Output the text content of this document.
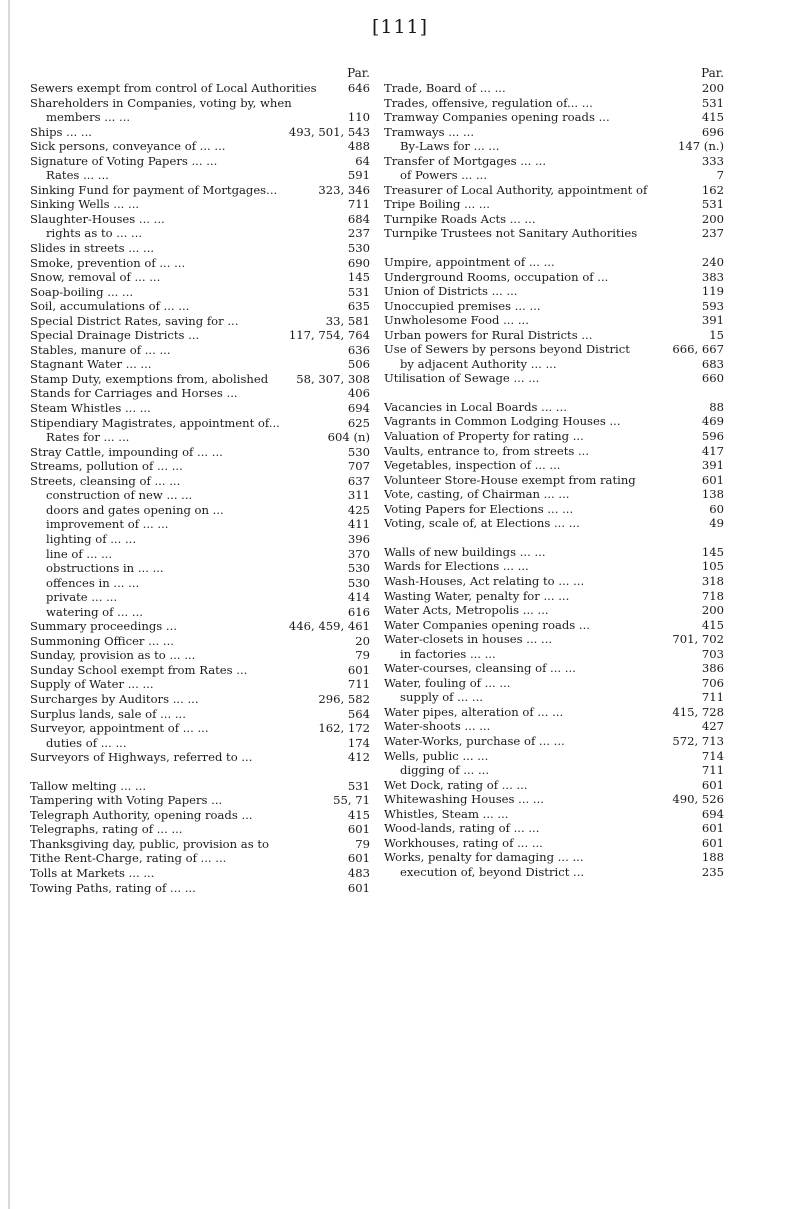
[111]
Par.
Sewers exempt from control of Local Authorities	646
Shareholders in Companies, voting by, when
members ... ...	110
Ships ... ...	493, 501, 543
Sick persons, conveyance of ... ...	488
Signature of Voting Papers ... ...	64
Rates ... ...	591
Sinking Fund for payment of Mortgages...	323, 346
Sinking Wells ... ...	711
Slaughter-Houses ... ...	684
rights as to ... ...	237
Slides in streets ... ...	530
Smoke, prevention of ... ...	690
Snow, removal of ... ...	145
Soap-boiling ... ...	531
Soil, accumulations of ... ...	635
Special District Rates, saving for ...	33, 581
Special Drainage Districts ...	117, 754, 764
Stables, manure of ... ...	636
Stagnant Water ... ...	506
Stamp Duty, exemptions from, abolished	58, 307, 308
Stands for Carriages and Horses ...	406
Steam Whistles ... ...	694
Stipendiary Magistrates, appointment of...	625
Rates for ... ...	604 (n)
Stray Cattle, impounding of ... ...	530
Streams, pollution of ... ...	707
Streets, cleansing of ... ...	637
construction of new ... ...	311
doors and gates opening on ...	425
improvement of ... ...	411
lighting of ... ...	396
line of ... ...	370
obstructions in ... ...	530
offences in ... ...	530
private ... ...	414
watering of ... ...	616
Summary proceedings ...	446, 459, 461
Summoning Officer ... ...	20
Sunday, provision as to ... ...	79
Sunday School exempt from Rates ...	601
Supply of Water ... ...	711
Surcharges by Auditors ... ...	296, 582
Surplus lands, sale of ... ...	564
Surveyor, appointment of ... ...	162, 172
duties of ... ...	174
Surveyors of Highways, referred to ...	412
Tallow melting ... ...	531
Tampering with Voting Papers ...	55, 71
Telegraph Authority, opening roads ...	415
Telegraphs, rating of ... ...	601
Thanksgiving day, public, provision as to	79
Tithe Rent-Charge, rating of ... ...	601
Tolls at Markets ... ...	483
Towing Paths, rating of ... ...	601
Par.
Trade, Board of ... ...	200
Trades, offensive, regulation of... ...	531
Tramway Companies opening roads ...	415
Tramways ... ...	696
By-Laws for ... ...	147 (n.)
Transfer of Mortgages ... ...	333
of Powers ... ...	7
Treasurer of Local Authority, appointment of	162
Tripe Boiling ... ...	531
Turnpike Roads Acts ... ...	200
Turnpike Trustees not Sanitary Authorities	237
Umpire, appointment of ... ...	240
Underground Rooms, occupation of ...	383
Union of Districts ... ...	119
Unoccupied premises ... ...	593
Unwholesome Food ... ...	391
Urban powers for Rural Districts ...	15
Use of Sewers by persons beyond District	666, 667
by adjacent Authority ... ...	683
Utilisation of Sewage ... ...	660
Vacancies in Local Boards ... ...	88
Vagrants in Common Lodging Houses ...	469
Valuation of Property for rating ...	596
Vaults, entrance to, from streets ...	417
Vegetables, inspection of ... ...	391
Volunteer Store-House exempt from rating	601
Vote, casting, of Chairman ... ...	138
Voting Papers for Elections ... ...	60
Voting, scale of, at Elections ... ...	49
Walls of new buildings ... ...	145
Wards for Elections ... ...	105
Wash-Houses, Act relating to ... ...	318
Wasting Water, penalty for ... ...	718
Water Acts, Metropolis ... ...	200
Water Companies opening roads ...	415
Water-closets in houses ... ...	701, 702
in factories ... ...	703
Water-courses, cleansing of ... ...	386
Water, fouling of ... ...	706
supply of ... ...	711
Water pipes, alteration of ... ...	415, 728
Water-shoots ... ...	427
Water-Works, purchase of ... ...	572, 713
Wells, public ... ...	714
digging of ... ...	711
Wet Dock, rating of ... ...	601
Whitewashing Houses ... ...	490, 526
Whistles, Steam ... ...	694
Wood-lands, rating of ... ...	601
Workhouses, rating of ... ...	601
Works, penalty for damaging ... ...	188
execution of, beyond District ...	235
